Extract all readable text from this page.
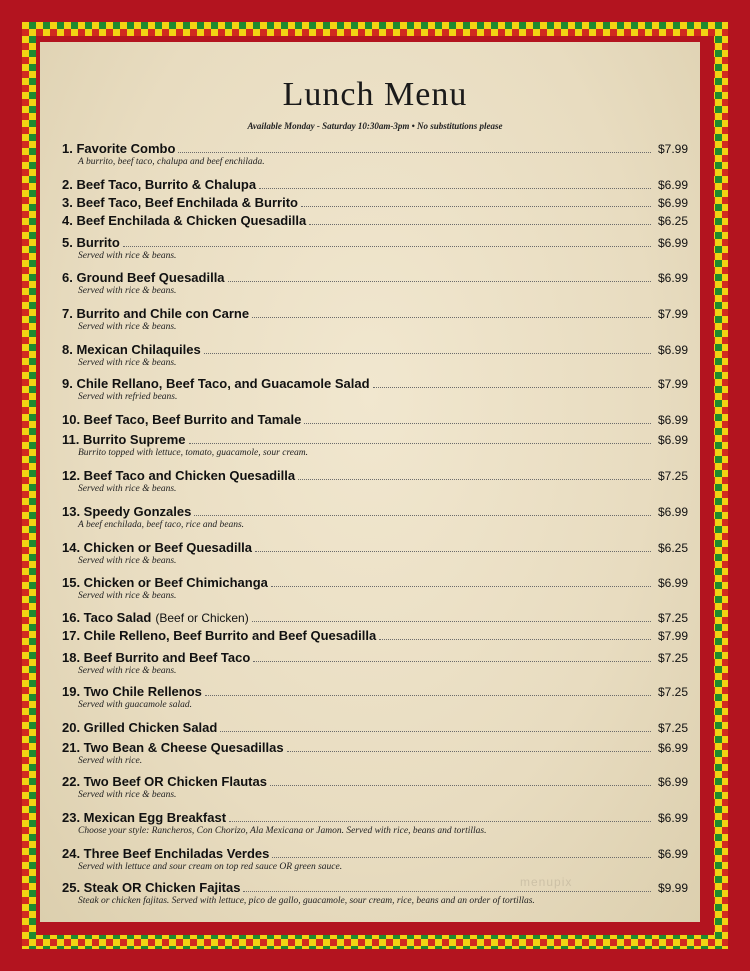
Lunch Menu
Available Monday - Saturday 10:30am-3pm • No substitutions please
1. Favorite Combo	$7.99
A burrito, beef taco, chalupa and beef enchilada.
2. Beef Taco, Burrito & Chalupa	$6.99
3. Beef Taco, Beef Enchilada & Burrito	$6.99
4. Beef Enchilada & Chicken Quesadilla	$6.25
5. Burrito	$6.99
Served with rice & beans.
6. Ground Beef Quesadilla	$6.99
Served with rice & beans.
7. Burrito and Chile con Carne	$7.99
Served with rice & beans.
8. Mexican Chilaquiles	$6.99
Served with rice & beans.
9. Chile Rellano, Beef Taco, and Guacamole Salad	$7.99
Served with refried beans.
10. Beef Taco, Beef Burrito and Tamale	$6.99
11. Burrito Supreme	$6.99
Burrito topped with lettuce, tomato, guacamole, sour cream.
12. Beef Taco and Chicken Quesadilla	$7.25
Served with rice & beans.
13. Speedy Gonzales	$6.99
A beef enchilada, beef taco, rice and beans.
14. Chicken or Beef Quesadilla	$6.25
Served with rice & beans.
15. Chicken or Beef Chimichanga	$6.99
Served with rice & beans.
16. Taco Salad (Beef or Chicken)	$7.25
17. Chile Relleno, Beef Burrito and Beef Quesadilla	$7.99
18. Beef Burrito and Beef Taco	$7.25
Served with rice & beans.
19. Two Chile Rellenos	$7.25
Served with guacamole salad.
20. Grilled Chicken Salad	$7.25
21. Two Bean & Cheese Quesadillas	$6.99
Served with rice.
22. Two Beef OR Chicken Flautas	$6.99
Served with rice & beans.
23. Mexican Egg Breakfast	$6.99
Choose your style: Rancheros, Con Chorizo, Ala Mexicana or Jamon. Served with rice, beans and tortillas.
24. Three Beef Enchiladas Verdes	$6.99
Served with lettuce and sour cream on top red sauce OR green sauce.
25. Steak OR Chicken Fajitas	$9.99
Steak or chicken fajitas. Served with lettuce, pico de gallo, guacamole, sour cream, rice, beans and an order of tortillas.
menupix
